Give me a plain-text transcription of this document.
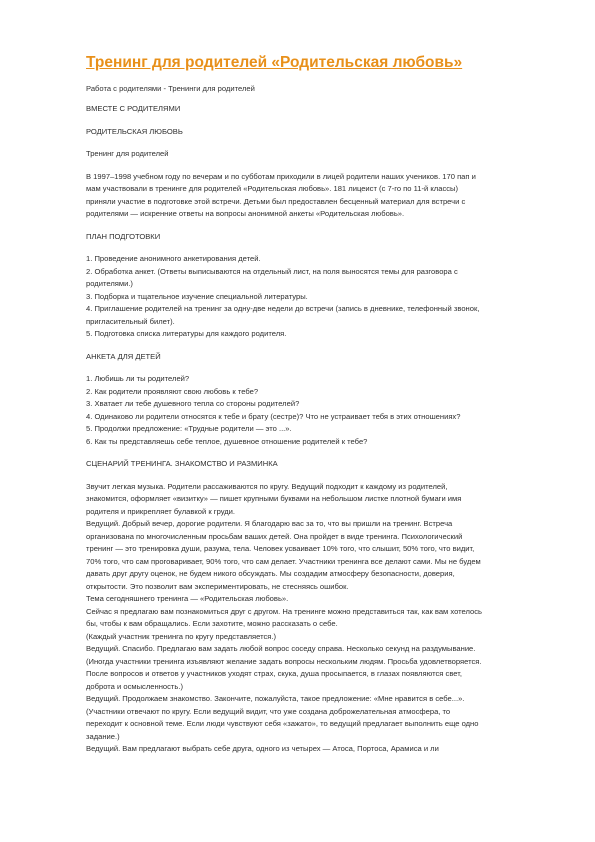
Тренинг для родителей «Родительская любовь»
Работа с родителями - Тренинги для родителей
ВМЕСТЕ С РОДИТЕЛЯМИ
РОДИТЕЛЬСКАЯ ЛЮБОВЬ
Тренинг для родителей
В 1997–1998 учебном году по вечерам и по субботам приходили в лицей родители наших учеников. 170 пап и
мам участвовали в тренинге для родителей «Родительская любовь». 181 лицеист (с 7-го по 11-й классы)
приняли участие в подготовке этой встречи. Детьми был предоставлен бесценный материал для встречи с
родителями — искренние ответы на вопросы анонимной анкеты «Родительская любовь».
ПЛАН ПОДГОТОВКИ
1. Проведение анонимного анкетирования детей.
2. Обработка анкет. (Ответы выписываются на отдельный лист, на поля выносятся темы для разговора с
родителями.)
3. Подборка и тщательное изучение специальной литературы.
4. Приглашение родителей на тренинг за одну-две недели до встречи (запись в дневнике, телефонный звонок,
пригласительный билет).
5. Подготовка списка литературы для каждого родителя.
АНКЕТА ДЛЯ ДЕТЕЙ
1. Любишь ли ты родителей?
2. Как родители проявляют свою любовь к тебе?
3. Хватает ли тебе душевного тепла со стороны родителей?
4. Одинаково ли родители относятся к тебе и брату (сестре)? Что не устраивает тебя в этих отношениях?
5. Продолжи предложение: «Трудные родители — это ...».
6. Как ты представляешь себе теплое, душевное отношение родителей к тебе?
СЦЕНАРИЙ ТРЕНИНГА. ЗНАКОМСТВО И РАЗМИНКА
Звучит легкая музыка. Родители рассаживаются по кругу. Ведущий подходит к каждому из родителей,
знакомится, оформляет «визитку» — пишет крупными буквами на небольшом листке плотной бумаги имя
родителя и прикрепляет булавкой к груди.
Ведущий. Добрый вечер, дорогие родители. Я благодарю вас за то, что вы пришли на тренинг. Встреча
организована по многочисленным просьбам ваших детей. Она пройдет в виде тренинга. Психологический
тренинг — это тренировка души, разума, тела. Человек усваивает 10% того, что слышит, 50% того, что видит,
70% того, что сам проговаривает, 90% того, что сам делает. Участники тренинга все делают сами. Мы не будем
давать друг другу оценок, не будем никого обсуждать. Мы создадим атмосферу безопасности, доверия,
открытости. Это позволит вам экспериментировать, не стесняясь ошибок.
Тема сегодняшнего тренинга — «Родительская любовь».
Сейчас я предлагаю вам познакомиться друг с другом. На тренинге можно представиться так, как вам хотелось
бы, чтобы к вам обращались. Если захотите, можно рассказать о себе.
(Каждый участник тренинга по кругу представляется.)
Ведущий. Спасибо. Предлагаю вам задать любой вопрос соседу справа. Несколько секунд на раздумывание.
(Иногда участники тренинга изъявляют желание задать вопросы нескольким людям. Просьба удовлетворяется.
После вопросов и ответов у участников уходят страх, скука, душа просыпается, в глазах появляются свет,
доброта и осмысленность.)
Ведущий. Продолжаем знакомство. Закончите, пожалуйста, такое предложение: «Мне нравится в себе...».
(Участники отвечают по кругу. Если ведущий видит, что уже создана доброжелательная атмосфера, то
переходит к основной теме. Если люди чувствуют себя «зажато», то ведущий предлагает выполнить еще одно
задание.)
Ведущий. Вам предлагают выбрать себе друга, одного из четырех — Атоса, Портоса, Арамиса и ли
